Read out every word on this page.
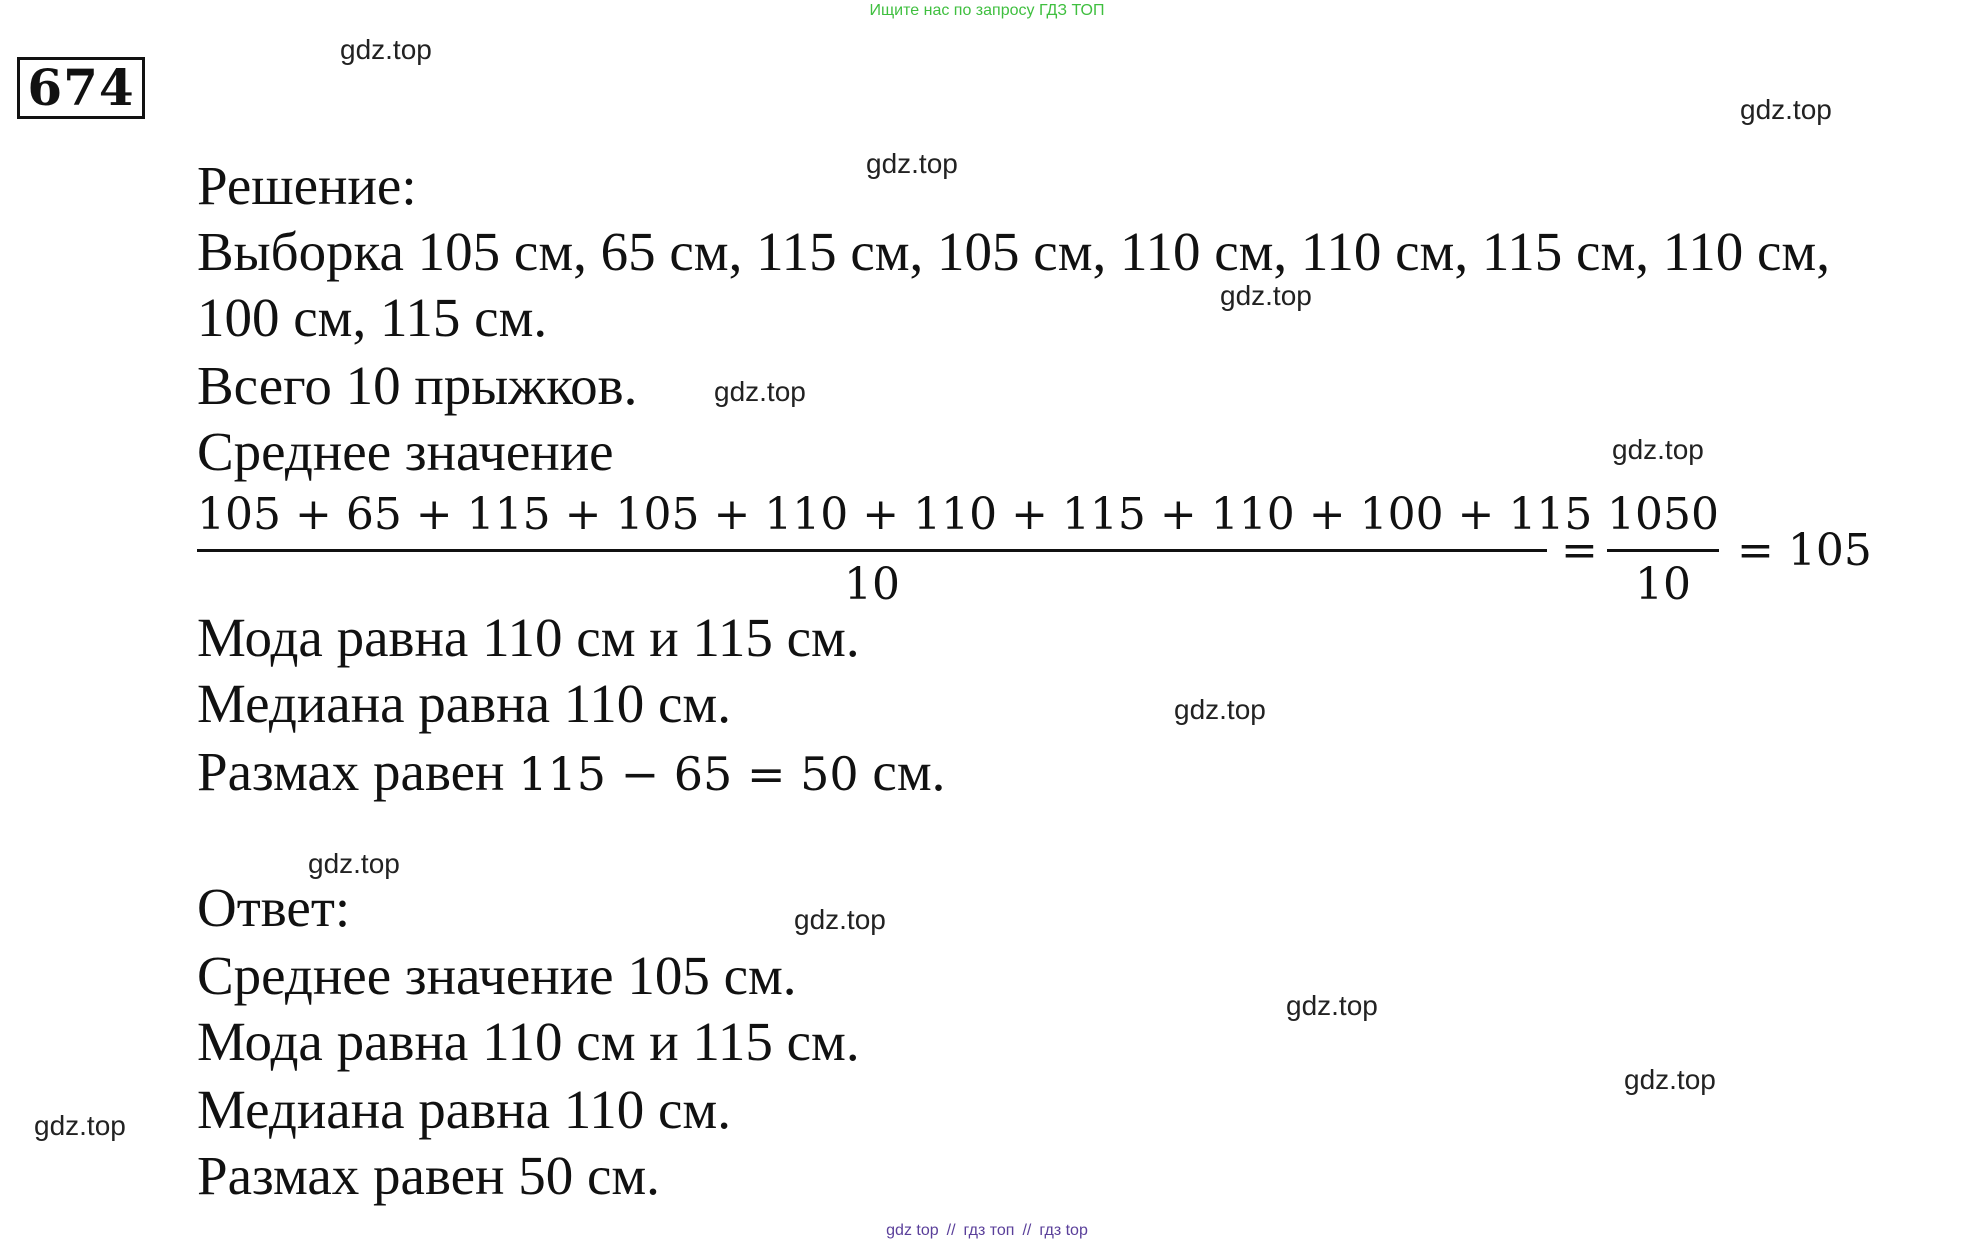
Ищите нас по запросу ГДЗ ТОП
674
gdz.top
gdz.top
gdz.top
gdz.top
gdz.top
gdz.top
gdz.top
gdz.top
gdz.top
gdz.top
gdz.top
gdz.top
Решение:
Выборка 105 см, 65 см, 115 см, 105 см, 110 см, 110 см, 115 см, 110 см,
100 см, 115 см.
Всего 10 прыжков.
Среднее значение
105 + 65 + 115 + 105 + 110 + 110 + 115 + 110 + 100 + 115
10
=
1050
10
= 105
Мода равна 110 см и 115 см.
Медиана равна 110 см.
Размах равен 115 − 65 = 50 см.
Ответ:
Среднее значение 105 см.
Мода равна 110 см и 115 см.
Медиана равна 110 см.
Размах равен 50 см.
gdz top // гдз топ // гдз top
